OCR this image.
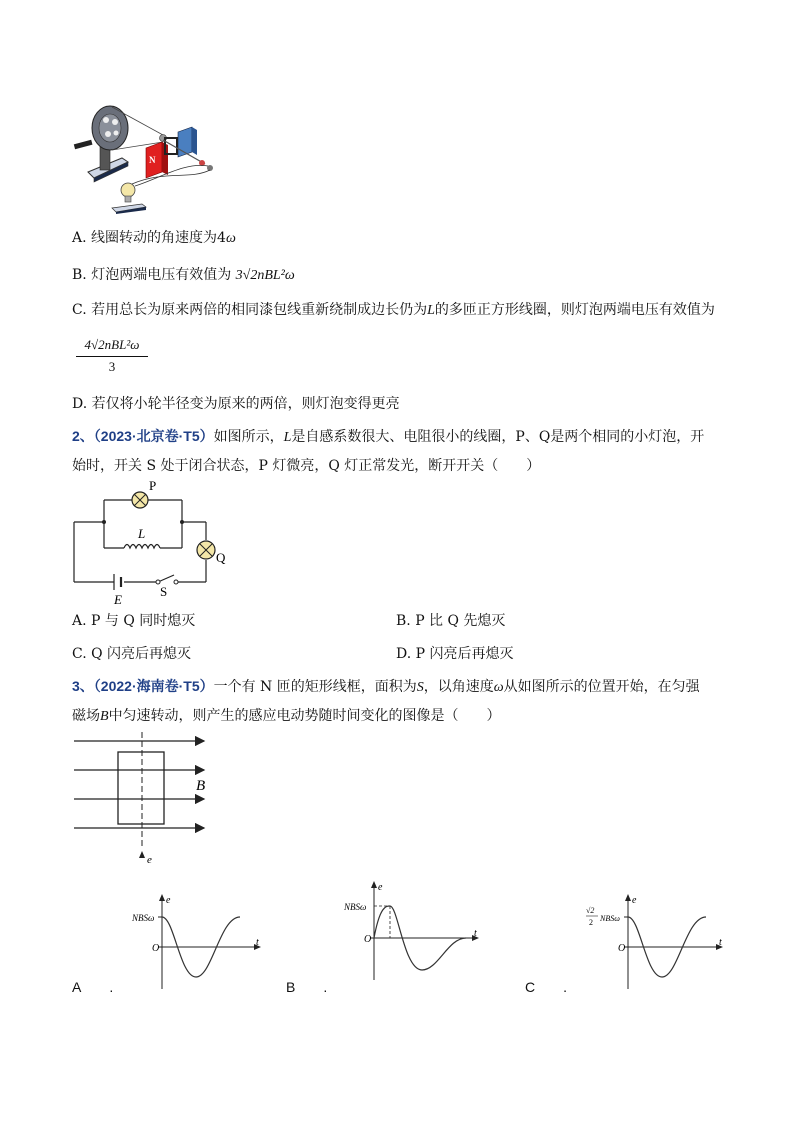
N
A. 线圈转动的角速度为4ω
B. 灯泡两端电压有效值为 3√2nBL²ω
C. 若用总长为原来两倍的相同漆包线重新绕制成边长仍为L的多匝正方形线圈，则灯泡两端电压有效值为
4√2nBL²ω
3
D. 若仅将小轮半径变为原来的两倍，则灯泡变得更亮
2、（2023·北京卷·T5）如图所示，L是自感系数很大、电阻很小的线圈，P、Q是两个相同的小灯泡，开
始时，开关 S 处于闭合状态，P 灯微亮，Q 灯正常发光，断开开关（　　）
P
Q
L
E
S
A. P 与 Q 同时熄灭	B. P 比 Q 先熄灭
C. Q 闪亮后再熄灭	D. P 闪亮后再熄灭
3、（2022·海南卷·T5）一个有 N 匝的矩形线框，面积为S，以角速度ω从如图所示的位置开始，在匀强
磁场B中匀速转动，则产生的感应电动势随时间变化的图像是（　　）
e
B
NBSω
O
t
e
NBSω
O
t
e
√2
2 NBSω
O
t
e
A .	B .	C .
